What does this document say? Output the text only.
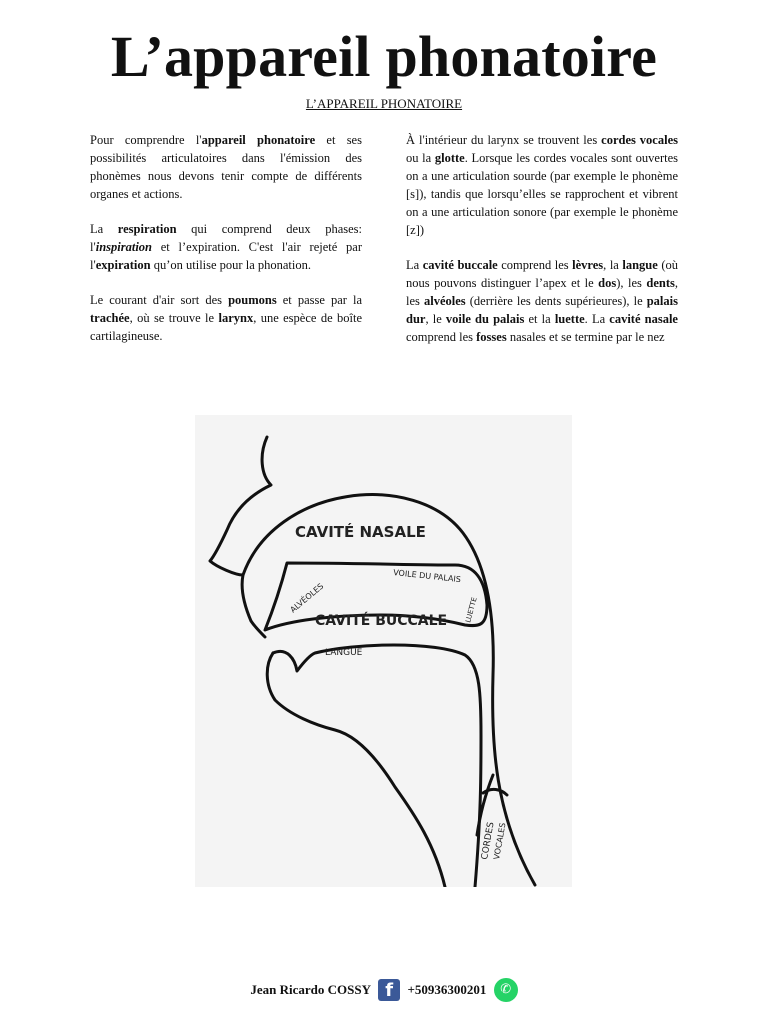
L’appareil phonatoire
L’APPAREIL PHONATOIRE

Pour comprendre l'appareil phonatoire et ses possibilités articulatoires dans l'émission des phonèmes nous devons tenir compte de différents organes et actions.

La respiration qui comprend deux phases: l'inspiration et l’expiration. C'est l'air rejeté par l'expiration qu’on utilise pour la phonation.

Le courant d'air sort des poumons et passe par la trachée, où se trouve le larynx, une espèce de boîte cartilagineuse.

À l'intérieur du larynx se trouvent les cordes vocales ou la glotte. Lorsque les cordes vocales sont ouvertes on a une articulation sourde (par exemple le phonème [s]), tandis que lorsqu’elles se rapprochent et vibrent on a une articulation sonore (par exemple le phonème [z])

La cavité buccale comprend les lèvres, la langue (où nous pouvons distinguer l’apex et le dos), les dents, les alvéoles (derrière les dents supérieures), le palais dur, le voile du palais et la luette. La cavité nasale comprend les fosses nasales et se termine par le nez

CAVITÉ NASALE
CAVITÉ BUCCALE
VOILE DU PALAIS
ALVÉOLES	LUETTE
LANGUE
CORDES
VOCALES
Jean Ricardo COSSY f +50936300201 ✆
